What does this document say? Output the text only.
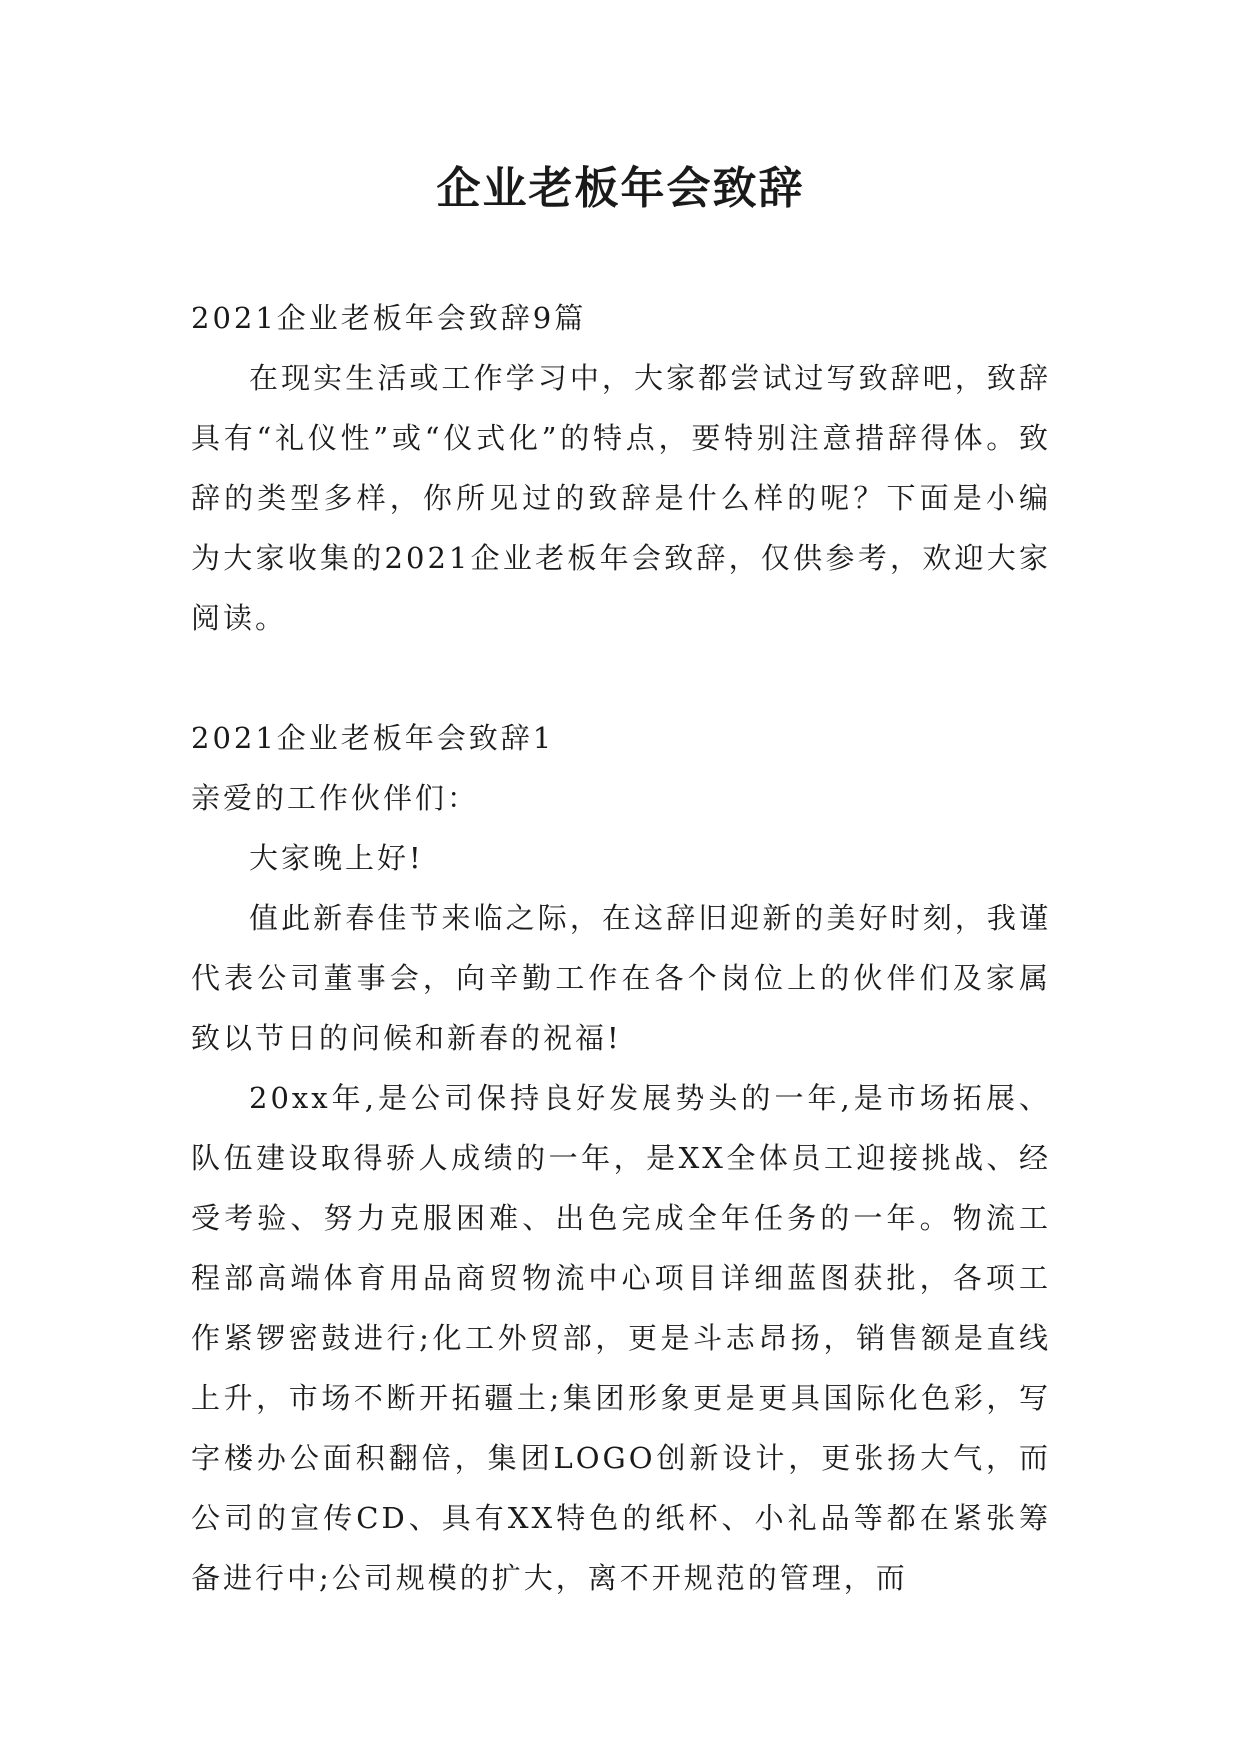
企业老板年会致辞

2021企业老板年会致辞9篇

在现实生活或工作学习中，大家都尝试过写致辞吧，致辞具有“礼仪性”或“仪式化”的特点，要特别注意措辞得体。致辞的类型多样，你所见过的致辞是什么样的呢？下面是小编为大家收集的2021企业老板年会致辞，仅供参考，欢迎大家阅读。

2021企业老板年会致辞1

亲爱的工作伙伴们：

大家晚上好!

值此新春佳节来临之际，在这辞旧迎新的美好时刻，我谨代表公司董事会，向辛勤工作在各个岗位上的伙伴们及家属致以节日的问候和新春的祝福!

20xx年,是公司保持良好发展势头的一年,是市场拓展、队伍建设取得骄人成绩的一年，是XX全体员工迎接挑战、经受考验、努力克服困难、出色完成全年任务的一年。物流工程部高端体育用品商贸物流中心项目详细蓝图获批，各项工作紧锣密鼓进行;化工外贸部，更是斗志昂扬，销售额是直线上升，市场不断开拓疆土;集团形象更是更具国际化色彩，写字楼办公面积翻倍，集团LOGO创新设计，更张扬大气，而公司的宣传CD、具有XX特色的纸杯、小礼品等都在紧张筹备进行中;公司规模的扩大，离不开规范的管理，而
